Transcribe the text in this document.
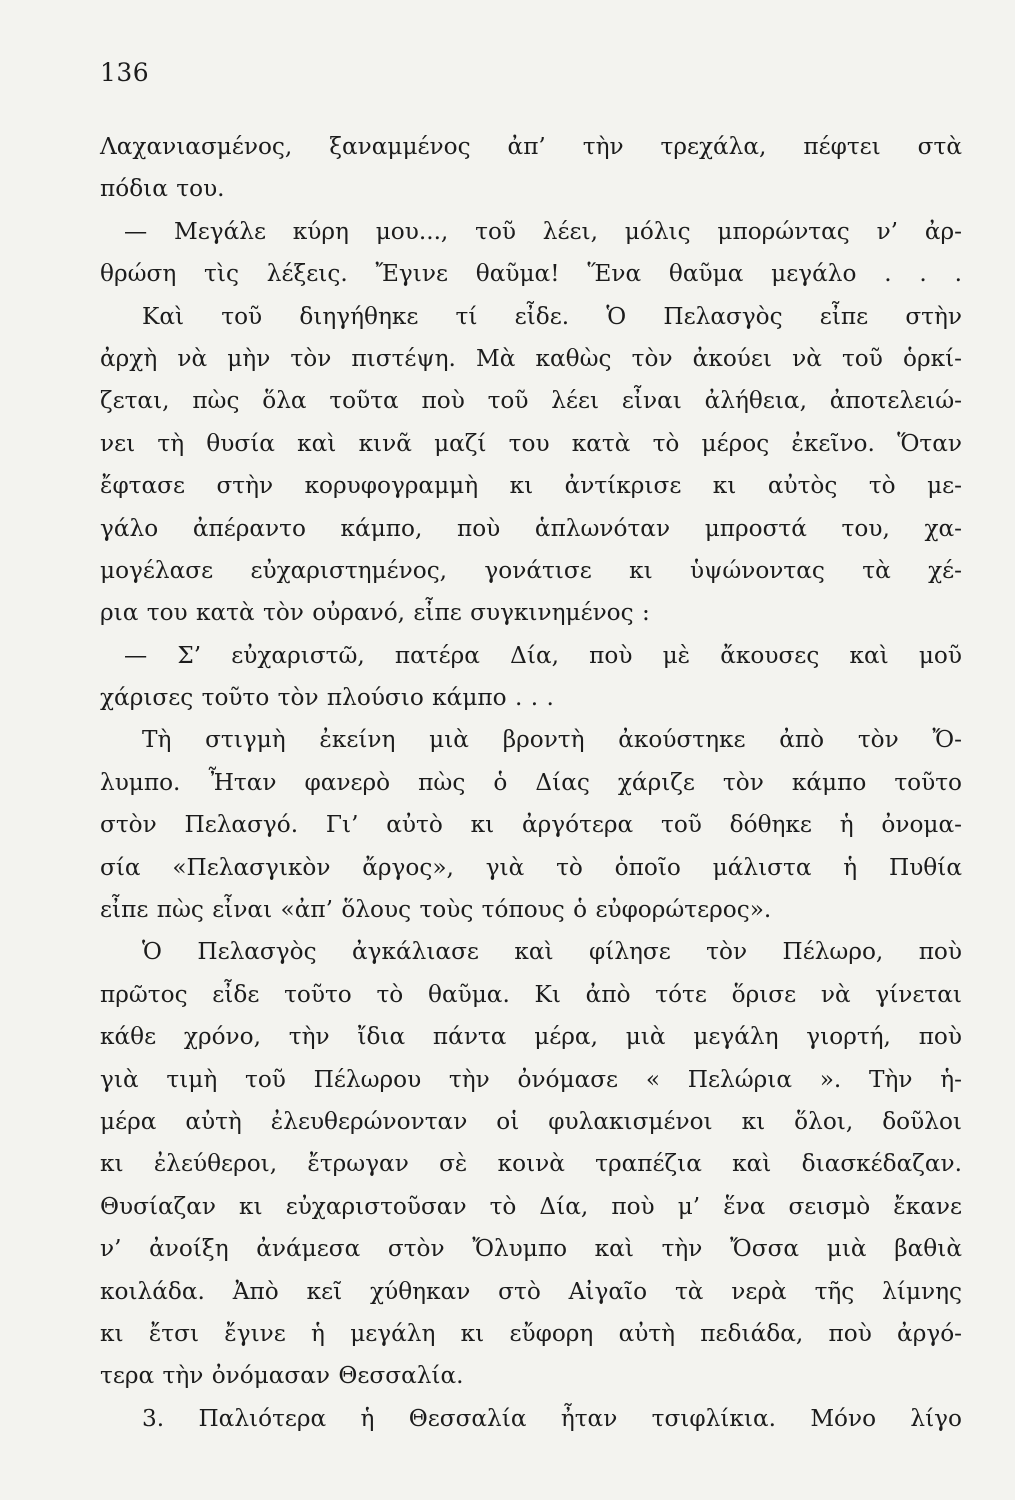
136
Λαχανιασμένος, ξαναμμένος ἀπ’ τὴν τρεχάλα, πέφτει στὰ
πόδια του.
— Μεγάλε κύρη μου..., τοῦ λέει, μόλις μπορώντας ν’ ἀρ-
θρώση τὶς λέξεις. Ἔγινε θαῦμα! Ἕνα θαῦμα μεγάλο . . .
Καὶ τοῦ διηγήθηκε τί εἶδε. Ὁ Πελασγὸς εἶπε στὴν
ἀρχὴ νὰ μὴν τὸν πιστέψη. Μὰ καθὼς τὸν ἀκούει νὰ τοῦ ὁρκί-
ζεται, πὼς ὅλα τοῦτα ποὺ τοῦ λέει εἶναι ἀλήθεια, ἀποτελειώ-
νει τὴ θυσία καὶ κινᾶ μαζί του κατὰ τὸ μέρος ἐκεῖνο. Ὅταν
ἔφτασε στὴν κορυφογραμμὴ κι ἀντίκρισε κι αὐτὸς τὸ με-
γάλο ἀπέραντο κάμπο, ποὺ ἁπλωνόταν μπροστά του, χα-
μογέλασε εὐχαριστημένος, γονάτισε κι ὑψώνοντας τὰ χέ-
ρια του κατὰ τὸν οὐρανό, εἶπε συγκινημένος :
— Σ’ εὐχαριστῶ, πατέρα Δία, ποὺ μὲ ἄκουσες καὶ μοῦ
χάρισες τοῦτο τὸν πλούσιο κάμπο . . .
Τὴ στιγμὴ ἐκείνη μιὰ βροντὴ ἀκούστηκε ἀπὸ τὸν Ὄ-
λυμπο. Ἦταν φανερὸ πὼς ὁ Δίας χάριζε τὸν κάμπο τοῦτο
στὸν Πελασγό. Γι’ αὐτὸ κι ἀργότερα τοῦ δόθηκε ἡ ὀνομα-
σία «Πελασγικὸν ἄργος», γιὰ τὸ ὁποῖο μάλιστα ἡ Πυθία
εἶπε πὼς εἶναι «ἀπ’ ὅλους τοὺς τόπους ὁ εὐφορώτερος».
Ὁ Πελασγὸς ἀγκάλιασε καὶ φίλησε τὸν Πέλωρο, ποὺ
πρῶτος εἶδε τοῦτο τὸ θαῦμα. Κι ἀπὸ τότε ὅρισε νὰ γίνεται
κάθε χρόνο, τὴν ἴδια πάντα μέρα, μιὰ μεγάλη γιορτή, ποὺ
γιὰ τιμὴ τοῦ Πέλωρου τὴν ὀνόμασε « Πελώρια ». Τὴν ἡ-
μέρα αὐτὴ ἐλευθερώνονταν οἱ φυλακισμένοι κι ὅλοι, δοῦλοι
κι ἐλεύθεροι, ἔτρωγαν σὲ κοινὰ τραπέζια καὶ διασκέδαζαν.
Θυσίαζαν κι εὐχαριστοῦσαν τὸ Δία, ποὺ μ’ ἕνα σεισμὸ ἔκανε
ν’ ἀνοίξη ἀνάμεσα στὸν Ὄλυμπο καὶ τὴν Ὄσσα μιὰ βαθιὰ
κοιλάδα. Ἀπὸ κεῖ χύθηκαν στὸ Αἰγαῖο τὰ νερὰ τῆς λίμνης
κι ἔτσι ἔγινε ἡ μεγάλη κι εὔφορη αὐτὴ πεδιάδα, ποὺ ἀργό-
τερα τὴν ὀνόμασαν Θεσσαλία.
3. Παλιότερα ἡ Θεσσαλία ἦταν τσιφλίκια. Μόνο λίγο
